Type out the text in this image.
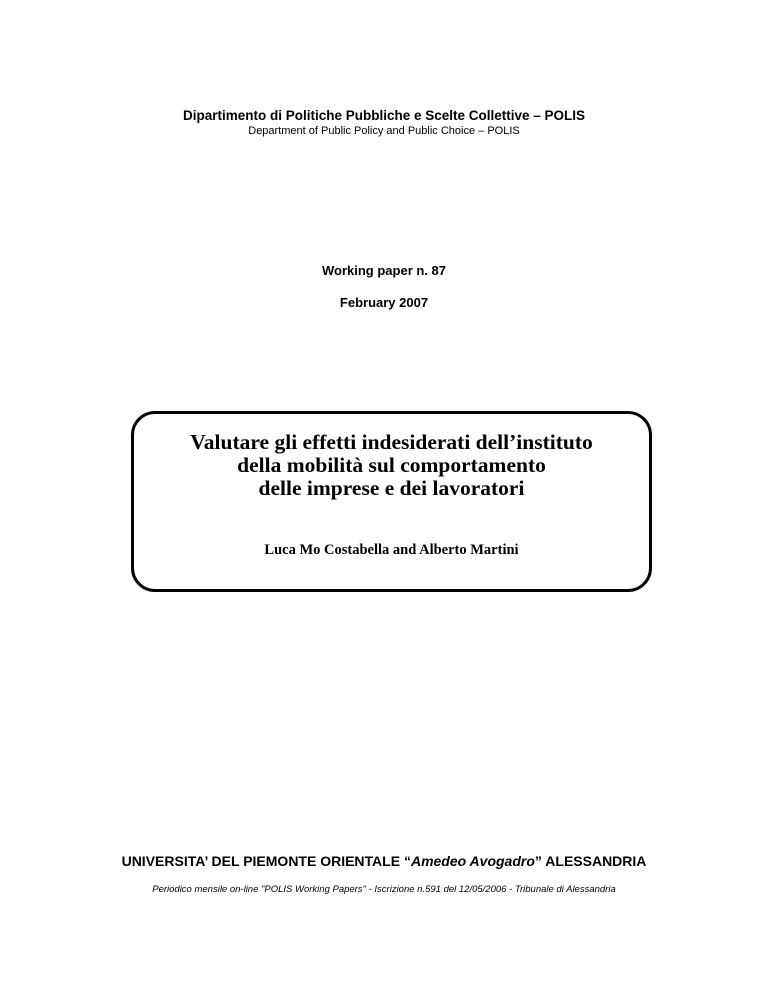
Dipartimento di Politiche Pubbliche e Scelte Collettive – POLIS
Department of Public Policy and Public Choice – POLIS
Working paper n. 87
February 2007
Valutare gli effetti indesiderati dell’instituto
della mobilità sul comportamento
delle imprese e dei lavoratori
Luca Mo Costabella and Alberto Martini
UNIVERSITA’ DEL PIEMONTE ORIENTALE “Amedeo Avogadro” ALESSANDRIA
Periodico mensile on-line "POLIS Working Papers" - Iscrizione n.591 del 12/05/2006 - Tribunale di Alessandria
